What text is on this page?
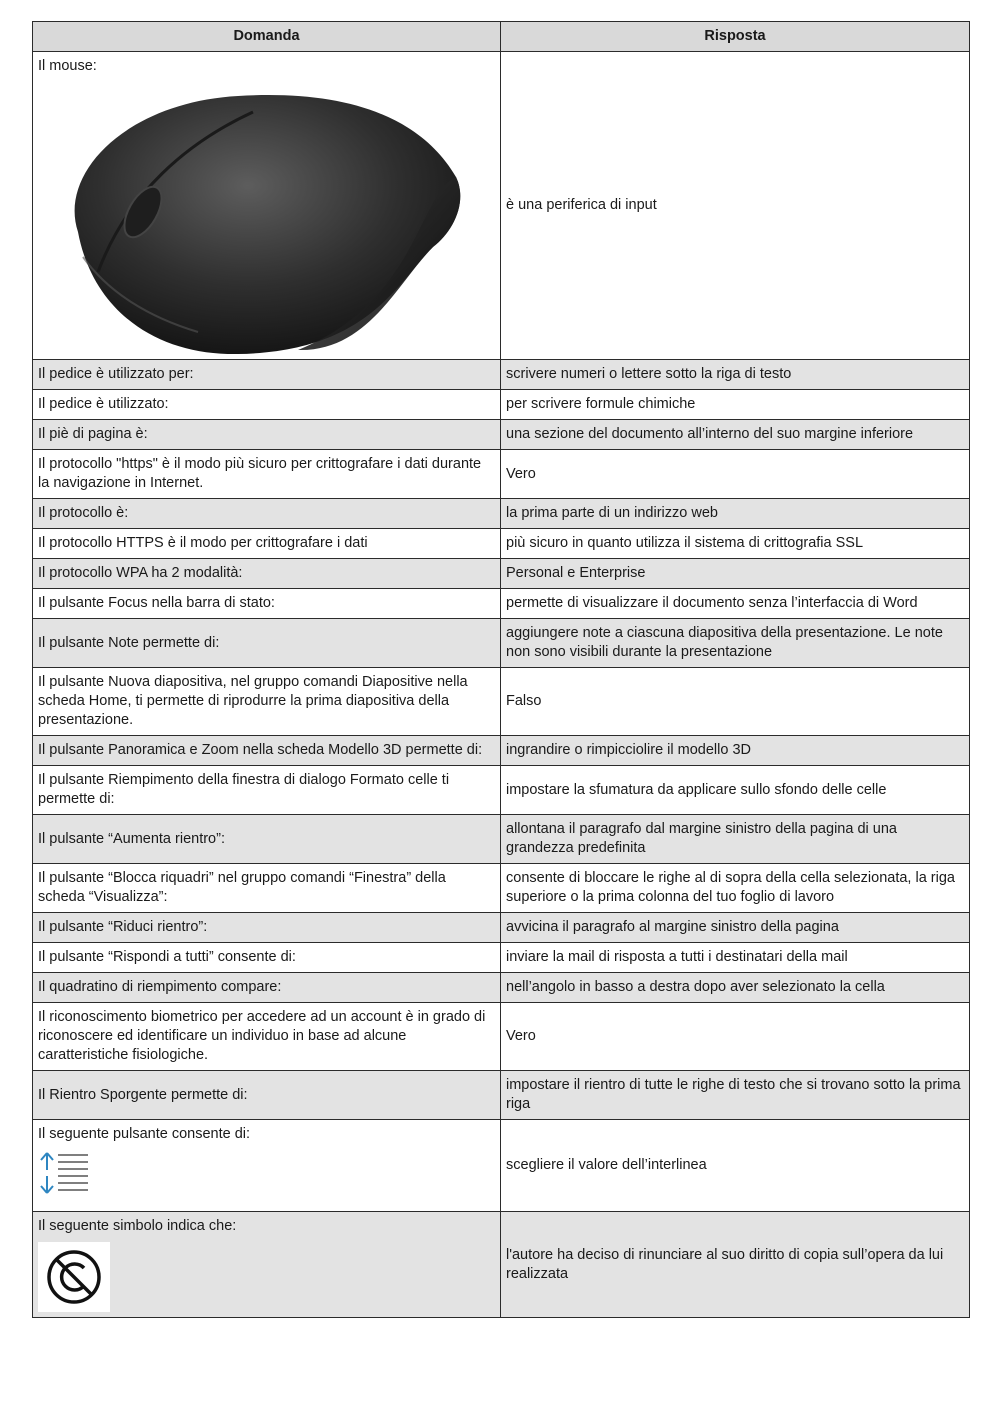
Domanda	Risposta

Il mouse:	è una periferica di input
Il pedice è utilizzato per:	scrivere numeri o lettere sotto la riga di testo
Il pedice è utilizzato:	per scrivere formule chimiche
Il piè di pagina è:	una sezione del documento all’interno del suo margine inferiore
Il protocollo "https" è il modo più sicuro per crittografare i dati durante la navigazione in Internet.	Vero
Il protocollo è:	la prima parte di un indirizzo web
Il protocollo HTTPS è il modo per crittografare i dati	più sicuro in quanto utilizza il sistema di crittografia SSL
Il protocollo WPA ha 2 modalità:	Personal e Enterprise
Il pulsante Focus nella barra di stato:	permette di visualizzare il documento senza l’interfaccia di Word
Il pulsante Note permette di:	aggiungere note a ciascuna diapositiva della presentazione. Le note non sono visibili durante la presentazione
Il pulsante Nuova diapositiva, nel gruppo comandi Diapositive nella scheda Home, ti permette di riprodurre la prima diapositiva della presentazione.	Falso
Il pulsante Panoramica e Zoom nella scheda Modello 3D permette di:	ingrandire o rimpicciolire il modello 3D
Il pulsante Riempimento della finestra di dialogo Formato celle ti permette di:	impostare la sfumatura da applicare sullo sfondo delle celle
Il pulsante “Aumenta rientro”:	allontana il paragrafo dal margine sinistro della pagina di una grandezza predefinita
Il pulsante “Blocca riquadri” nel gruppo comandi “Finestra” della scheda “Visualizza”:	consente di bloccare le righe al di sopra della cella selezionata, la riga superiore o la prima colonna del tuo foglio di lavoro
Il pulsante “Riduci rientro”:	avvicina il paragrafo al margine sinistro della pagina
Il pulsante “Rispondi a tutti” consente di:	inviare la mail di risposta a tutti i destinatari della mail
Il quadratino di riempimento compare:	nell’angolo in basso a destra dopo aver selezionato la cella
Il riconoscimento biometrico per accedere ad un account è in grado di riconoscere ed identificare un individuo in base ad alcune caratteristiche fisiologiche.	Vero
Il Rientro Sporgente permette di:	impostare il rientro di tutte le righe di testo che si trovano sotto la prima riga

Il seguente pulsante consente di:	scegliere il valore dell’interlinea

Il seguente simbolo indica che:	l'autore ha deciso di rinunciare al suo diritto di copia sull’opera da lui realizzata
